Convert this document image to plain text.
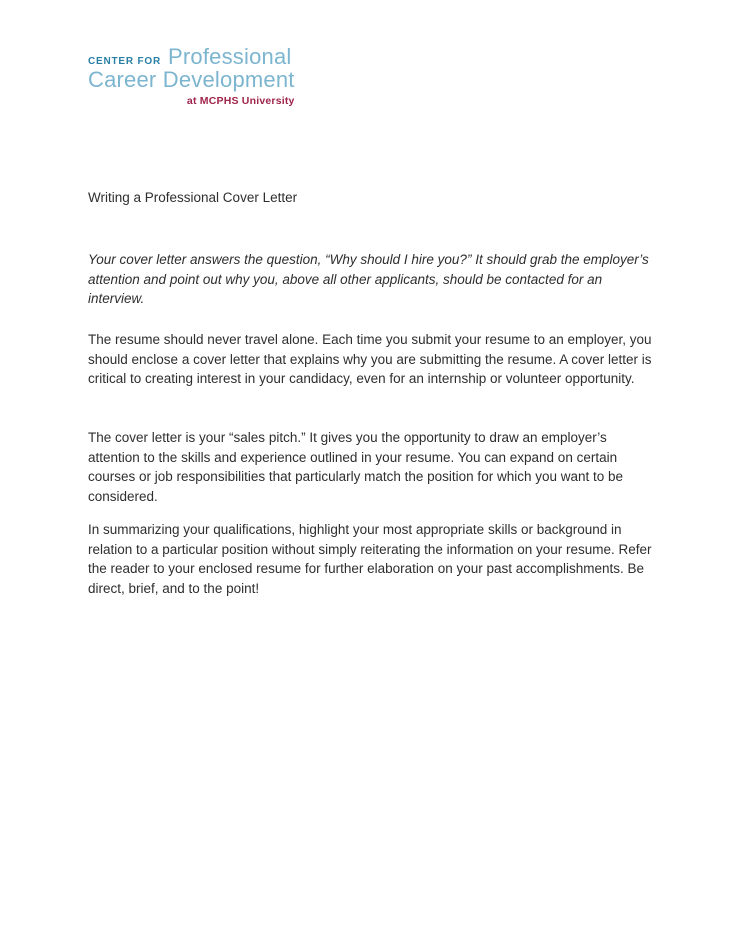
CENTER FOR Professional
Career Development
at MCPHS University
Writing a Professional Cover Letter

Your cover letter answers the question, “Why should I hire you?” It should grab the employer’s attention and point out why you, above all other applicants, should be contacted for an interview.

The resume should never travel alone. Each time you submit your resume to an employer, you should enclose a cover letter that explains why you are submitting the resume. A cover letter is critical to creating interest in your candidacy, even for an internship or volunteer opportunity.

The cover letter is your “sales pitch.” It gives you the opportunity to draw an employer’s attention to the skills and experience outlined in your resume. You can expand on certain courses or job responsibilities that particularly match the position for which you want to be considered.

In summarizing your qualifications, highlight your most appropriate skills or background in relation to a particular position without simply reiterating the information on your resume. Refer the reader to your enclosed resume for further elaboration on your past accomplishments. Be direct, brief, and to the point!
